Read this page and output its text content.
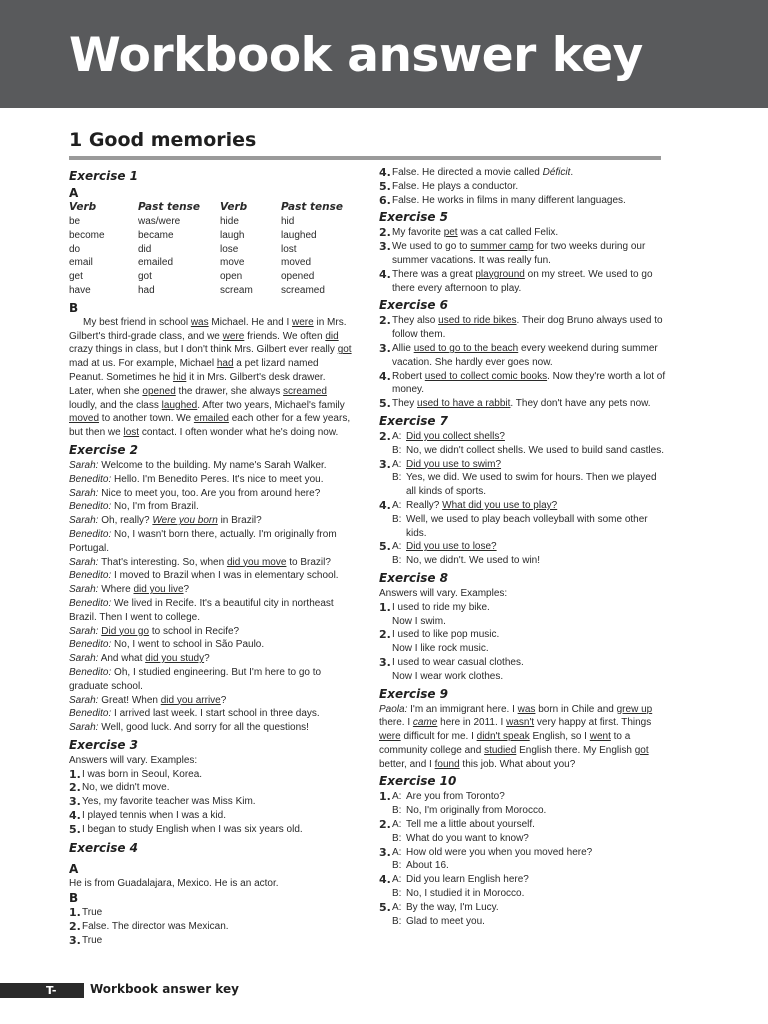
Workbook answer key
1 Good memories
Exercise 1
A
Verb	Past tense	Verb	Past tense
be	was/were	hide	hid
become	became	laugh	laughed
do	did	lose	lost
email	emailed	move	moved
get	got	open	opened
have	had	scream	screamed
B
My best friend in school was Michael. He and I were in Mrs. Gilbert's third-grade class, and we were friends. We often did crazy things in class, but I don't think Mrs. Gilbert ever really got mad at us. For example, Michael had a pet lizard named Peanut. Sometimes he hid it in Mrs. Gilbert's desk drawer. Later, when she opened the drawer, she always screamed loudly, and the class laughed. After two years, Michael's family moved to another town. We emailed each other for a few years, but then we lost contact. I often wonder what he's doing now.
Exercise 2
Sarah: Welcome to the building. My name's Sarah Walker.
Benedito: Hello. I'm Benedito Peres. It's nice to meet you.
Sarah: Nice to meet you, too. Are you from around here?
Benedito: No, I'm from Brazil.
Sarah: Oh, really? Were you born in Brazil?
Benedito: No, I wasn't born there, actually. I'm originally from Portugal.
Sarah: That's interesting. So, when did you move to Brazil?
Benedito: I moved to Brazil when I was in elementary school.
Sarah: Where did you live?
Benedito: We lived in Recife. It's a beautiful city in northeast Brazil. Then I went to college.
Sarah: Did you go to school in Recife?
Benedito: No, I went to school in São Paulo.
Sarah: And what did you study?
Benedito: Oh, I studied engineering. But I'm here to go to graduate school.
Sarah: Great! When did you arrive?
Benedito: I arrived last week. I start school in three days.
Sarah: Well, good luck. And sorry for all the questions!
Exercise 3
Answers will vary. Examples:
1. I was born in Seoul, Korea.
2. No, we didn't move.
3. Yes, my favorite teacher was Miss Kim.
4. I played tennis when I was a kid.
5. I began to study English when I was six years old.
Exercise 4
A
He is from Guadalajara, Mexico. He is an actor.
B
1. True
2. False. The director was Mexican.
3. True
4. False. He directed a movie called Déficit.
5. False. He plays a conductor.
6. False. He works in films in many different languages.
Exercise 5
2. My favorite pet was a cat called Felix.
3. We used to go to summer camp for two weeks during our summer vacations. It was really fun.
4. There was a great playground on my street. We used to go there every afternoon to play.
Exercise 6
2. They also used to ride bikes. Their dog Bruno always used to follow them.
3. Allie used to go to the beach every weekend during summer vacation. She hardly ever goes now.
4. Robert used to collect comic books. Now they're worth a lot of money.
5. They used to have a rabbit. They don't have any pets now.
Exercise 7
2. A: Did you collect shells?
B: No, we didn't collect shells. We used to build sand castles.
3. A: Did you use to swim?
B: Yes, we did. We used to swim for hours. Then we played all kinds of sports.
4. A: Really? What did you use to play?
B: Well, we used to play beach volleyball with some other kids.
5. A: Did you use to lose?
B: No, we didn't. We used to win!
Exercise 8
Answers will vary. Examples:
1. I used to ride my bike.
Now I swim.
2. I used to like pop music.
Now I like rock music.
3. I used to wear casual clothes.
Now I wear work clothes.
Exercise 9
Paola: I'm an immigrant here. I was born in Chile and grew up there. I came here in 2011. I wasn't very happy at first. Things were difficult for me. I didn't speak English, so I went to a community college and studied English there. My English got better, and I found this job. What about you?
Exercise 10
1. A: Are you from Toronto?
B: No, I'm originally from Morocco.
2. A: Tell me a little about yourself.
B: What do you want to know?
3. A: How old were you when you moved here?
B: About 16.
4. A: Did you learn English here?
B: No, I studied it in Morocco.
5. A: By the way, I'm Lucy.
B: Glad to meet you.
T-184
Workbook answer key
